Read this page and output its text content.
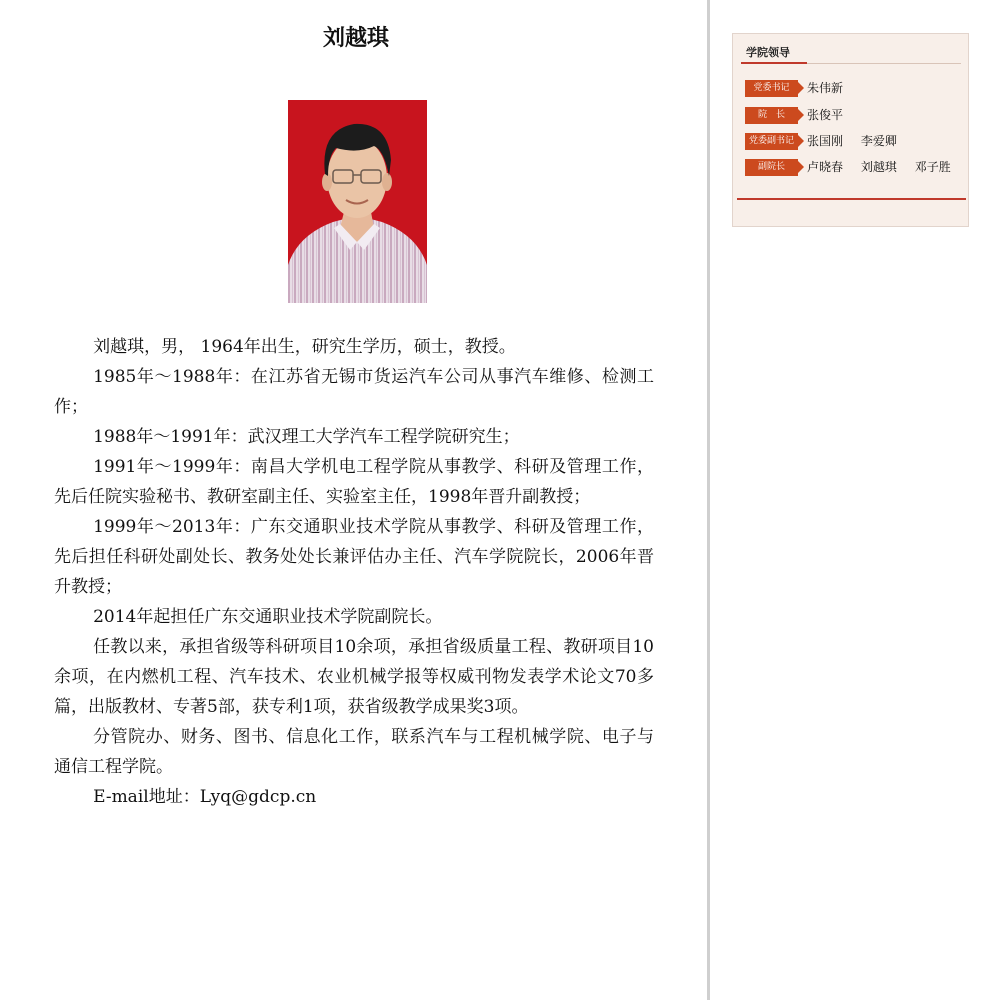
刘越琪

刘越琪，男， 1964年出生，研究生学历，硕士，教授。

1985年～1988年：在江苏省无锡市货运汽车公司从事汽车维修、检测工作；

1988年～1991年：武汉理工大学汽车工程学院研究生；

1991年～1999年：南昌大学机电工程学院从事教学、科研及管理工作，先后任院实验秘书、教研室副主任、实验室主任，1998年晋升副教授；

1999年～2013年：广东交通职业技术学院从事教学、科研及管理工作，先后担任科研处副处长、教务处处长兼评估办主任、汽车学院院长，2006年晋升教授；

2014年起担任广东交通职业技术学院副院长。

任教以来，承担省级等科研项目10余项，承担省级质量工程、教研项目10余项，在内燃机工程、汽车技术、农业机械学报等权威刊物发表学术论文70多篇，出版教材、专著5部，获专利1项，获省级教学成果奖3项。

分管院办、财务、图书、信息化工作，联系汽车与工程机械学院、电子与通信工程学院。

E-mail地址：Lyq@gdcp.cn

学院领导
党委书记	朱伟新
院　长	张俊平
党委副书记	张国刚 李爱卿
副院长	卢晓春 刘越琪 邓子胜
